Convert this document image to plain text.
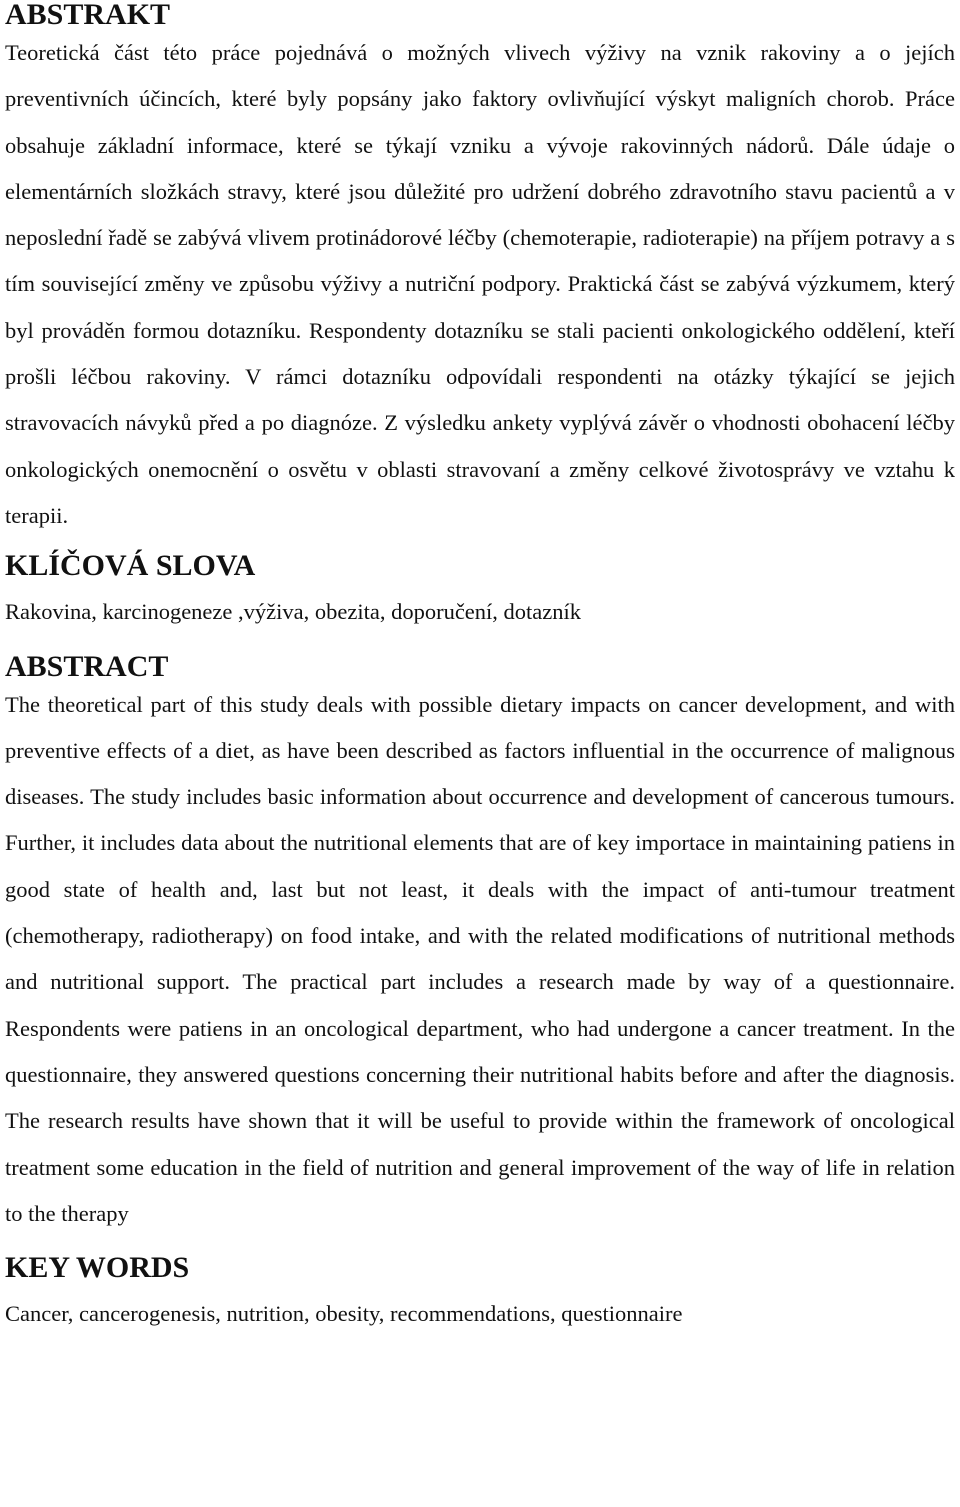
ABSTRAKT

Teoretická část této práce pojednává o možných vlivech výživy na vznik rakoviny a o jejích preventivních účincích, které byly popsány jako faktory ovlivňující výskyt maligních chorob. Práce obsahuje základní informace, které se týkají vzniku a vývoje rakovinných nádorů. Dále údaje o elementárních složkách stravy, které jsou důležité pro udržení dobrého zdravotního stavu pacientů a v neposlední řadě se zabývá vlivem protinádorové léčby (chemoterapie, radioterapie) na příjem potravy a s tím související změny ve způsobu výživy a nutriční podpory. Praktická část se zabývá výzkumem, který byl prováděn formou dotazníku. Respondenty dotazníku se stali pacienti onkologického oddělení, kteří prošli léčbou rakoviny. V rámci dotazníku odpovídali respondenti na otázky týkající se jejich stravovacích návyků před a po diagnóze. Z výsledku ankety vyplývá závěr o vhodnosti obohacení léčby onkologických onemocnění o osvětu v oblasti stravovaní a změny celkové životosprávy ve vztahu k terapii.

KLÍČOVÁ SLOVA

Rakovina, karcinogeneze ,výživa, obezita, doporučení, dotazník

ABSTRACT

The theoretical part of this study deals with possible dietary impacts on cancer development, and with preventive effects of a diet, as have been described as factors influential in the occurrence of malignous diseases. The study includes basic information about occurrence and development of cancerous tumours. Further, it includes data about the nutritional elements that are of key importace in maintaining patiens in good state of health and, last but not least, it deals with the impact of anti-tumour treatment (chemotherapy, radiotherapy) on food intake, and with the related modifications of nutritional methods and nutritional support. The practical part includes a research made by way of a questionnaire. Respondents were patiens in an oncological department, who had undergone a cancer treatment. In the questionnaire, they answered questions concerning their nutritional habits before and after the diagnosis. The research results have shown that it will be useful to provide within the framework of oncological treatment some education in the field of nutrition and general improvement of the way of life in relation to the therapy

KEY WORDS

Cancer, cancerogenesis, nutrition, obesity, recommendations, questionnaire
